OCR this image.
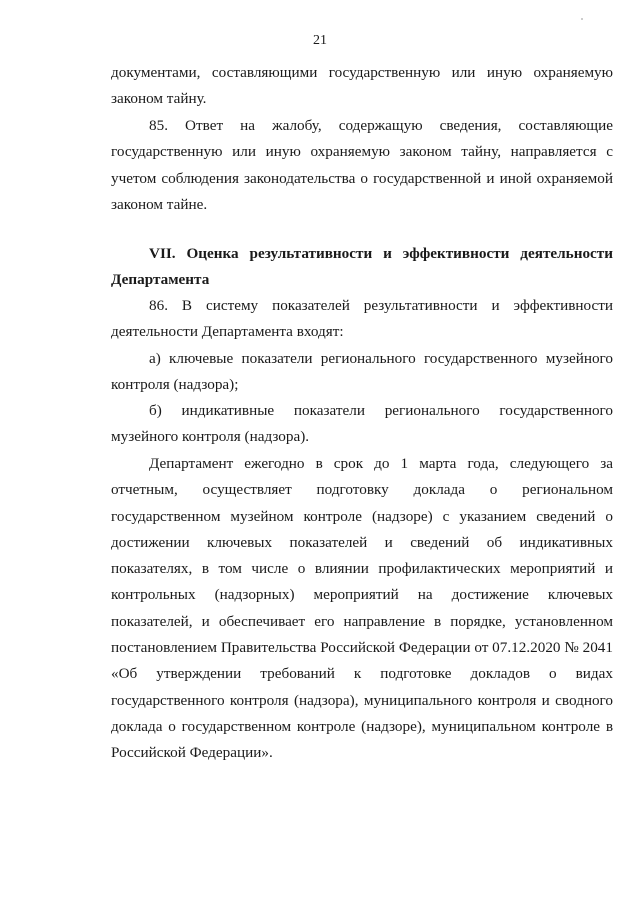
21
документами, составляющими государственную или иную охраняемую
законом тайну.
85. Ответ на жалобу, содержащую сведения, составляющие
государственную или иную охраняемую законом тайну, направляется с
учетом соблюдения законодательства о государственной и иной охраняемой
законом тайне.
VII. Оценка результативности и эффективности деятельности
Департамента
86. В систему показателей результативности и эффективности
деятельности Департамента входят:
а) ключевые показатели регионального государственного музейного
контроля (надзора);
б) индикативные показатели регионального государственного
музейного контроля (надзора).
Департамент ежегодно в срок до 1 марта года, следующего за
отчетным, осуществляет подготовку доклада о региональном
государственном музейном контроле (надзоре) с указанием сведений о
достижении ключевых показателей и сведений об индикативных
показателях, в том числе о влиянии профилактических мероприятий и
контрольных (надзорных) мероприятий на достижение ключевых
показателей, и обеспечивает его направление в порядке, установленном
постановлением Правительства Российской Федерации от 07.12.2020 № 2041
«Об утверждении требований к подготовке докладов о видах
государственного контроля (надзора), муниципального контроля и сводного
доклада о государственном контроле (надзоре), муниципальном контроле в
Российской Федерации».
